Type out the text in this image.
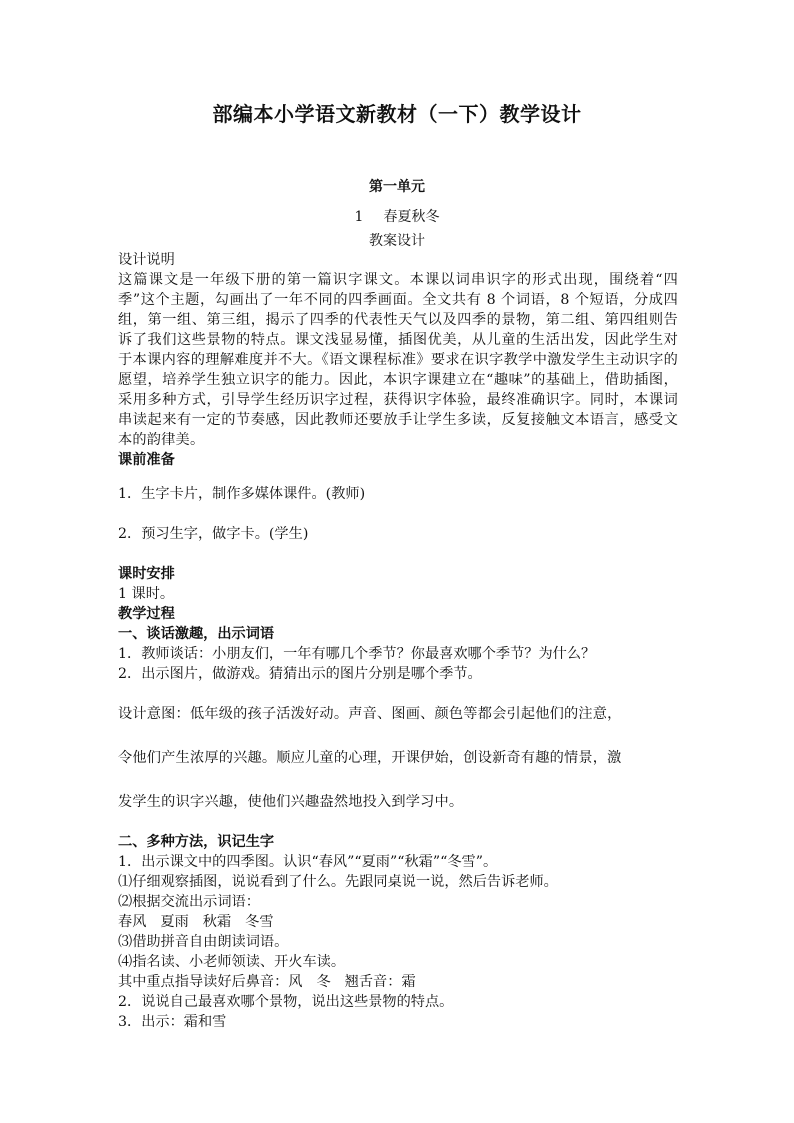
部编本小学语文新教材（一下）教学设计
第一单元
1 春夏秋冬
教案设计

设计说明

这篇课文是一年级下册的第一篇识字课文。本课以词串识字的形式出现，围绕着“四季”这个主题，勾画出了一年不同的四季画面。全文共有 8 个词语，8 个短语，分成四组，第一组、第三组，揭示了四季的代表性天气以及四季的景物，第二组、第四组则告诉了我们这些景物的特点。课文浅显易懂，插图优美，从儿童的生活出发，因此学生对于本课内容的理解难度并不大。《语文课程标准》要求在识字教学中激发学生主动识字的愿望，培养学生独立识字的能力。因此，本识字课建立在“趣味”的基础上，借助插图，采用多种方式，引导学生经历识字过程，获得识字体验，最终准确识字。同时，本课词串读起来有一定的节奏感，因此教师还要放手让学生多读，反复接触文本语言，感受文本的韵律美。

课前准备

1．生字卡片，制作多媒体课件。(教师)

2．预习生字，做字卡。(学生)

课时安排

1 课时。

教学过程

一、谈话激趣，出示词语

1．教师谈话：小朋友们，一年有哪几个季节？你最喜欢哪个季节？为什么？

2．出示图片，做游戏。猜猜出示的图片分别是哪个季节。

设计意图：低年级的孩子活泼好动。声音、图画、颜色等都会引起他们的注意，

令他们产生浓厚的兴趣。顺应儿童的心理，开课伊始，创设新奇有趣的情景，激

发学生的识字兴趣，使他们兴趣盎然地投入到学习中。

二、多种方法，识记生字

1．出示课文中的四季图。认识“春风”“夏雨”“秋霜”“冬雪”。

⑴仔细观察插图，说说看到了什么。先跟同桌说一说，然后告诉老师。

⑵根据交流出示词语：

春风 夏雨 秋霜 冬雪

⑶借助拼音自由朗读词语。

⑷指名读、小老师领读、开火车读。

其中重点指导读好后鼻音：风 冬 翘舌音：霜

2．说说自己最喜欢哪个景物，说出这些景物的特点。

3．出示：霜和雪
